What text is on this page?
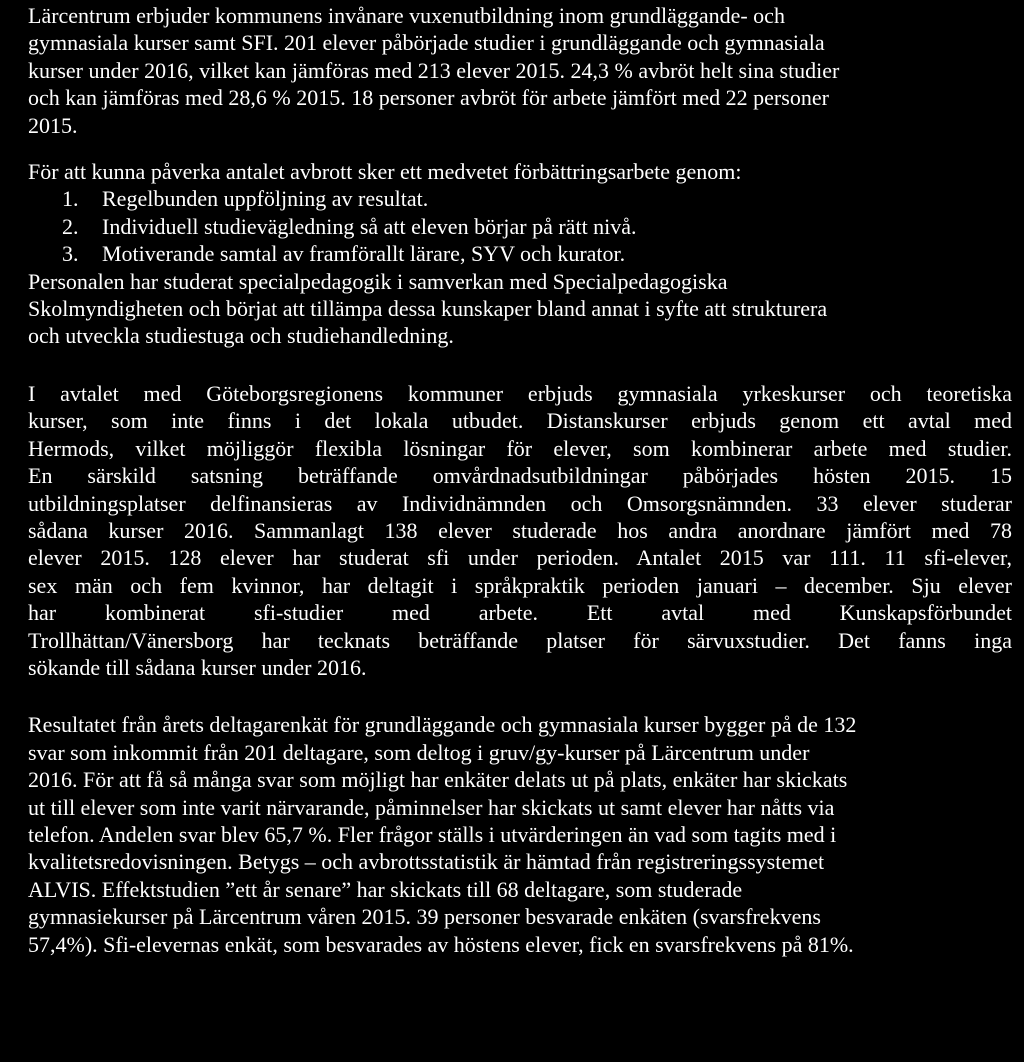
Lärcentrum erbjuder kommunens invånare vuxenutbildning inom grundläggande- och
gymnasiala kurser samt SFI. 201 elever påbörjade studier i grundläggande och gymnasiala
kurser under 2016, vilket kan jämföras med 213 elever 2015. 24,3 % avbröt helt sina studier
och kan jämföras med 28,6 % 2015. 18 personer avbröt för arbete jämfört med 22 personer
2015.

För att kunna påverka antalet avbrott sker ett medvetet förbättringsarbete genom:

1.	Regelbunden uppföljning av resultat.
2.	Individuell studievägledning så att eleven börjar på rätt nivå.
3.	Motiverande samtal av framförallt lärare, SYV och kurator.

Personalen har studerat specialpedagogik i samverkan med Specialpedagogiska
Skolmyndigheten och börjat att tillämpa dessa kunskaper bland annat i syfte att strukturera
och utveckla studiestuga och studiehandledning.

I avtalet med Göteborgsregionens kommuner erbjuds gymnasiala yrkeskurser och teoretiska
kurser, som inte finns i det lokala utbudet. Distanskurser erbjuds genom ett avtal med
Hermods, vilket möjliggör flexibla lösningar för elever, som kombinerar arbete med studier.
En särskild satsning beträffande omvårdnadsutbildningar påbörjades hösten 2015. 15
utbildningsplatser delfinansieras av Individnämnden och Omsorgsnämnden. 33 elever studerar
sådana kurser 2016. Sammanlagt 138 elever studerade hos andra anordnare jämfört med 78
elever 2015. 128 elever har studerat sfi under perioden. Antalet 2015 var 111. 11 sfi-elever,
sex män och fem kvinnor, har deltagit i språkpraktik perioden januari – december. Sju elever
har kombinerat sfi-studier med arbete. Ett avtal med Kunskapsförbundet
Trollhättan/Vänersborg har tecknats beträffande platser för särvuxstudier. Det fanns inga
sökande till sådana kurser under 2016.

Resultatet från årets deltagarenkät för grundläggande och gymnasiala kurser bygger på de 132
svar som inkommit från 201 deltagare, som deltog i gruv/gy-kurser på Lärcentrum under
2016. För att få så många svar som möjligt har enkäter delats ut på plats, enkäter har skickats
ut till elever som inte varit närvarande, påminnelser har skickats ut samt elever har nåtts via
telefon. Andelen svar blev 65,7 %. Fler frågor ställs i utvärderingen än vad som tagits med i
kvalitetsredovisningen. Betygs – och avbrottsstatistik är hämtad från registreringssystemet
ALVIS. Effektstudien ”ett år senare” har skickats till 68 deltagare, som studerade
gymnasiekurser på Lärcentrum våren 2015. 39 personer besvarade enkäten (svarsfrekvens
57,4%). Sfi-elevernas enkät, som besvarades av höstens elever, fick en svarsfrekvens på 81%.
